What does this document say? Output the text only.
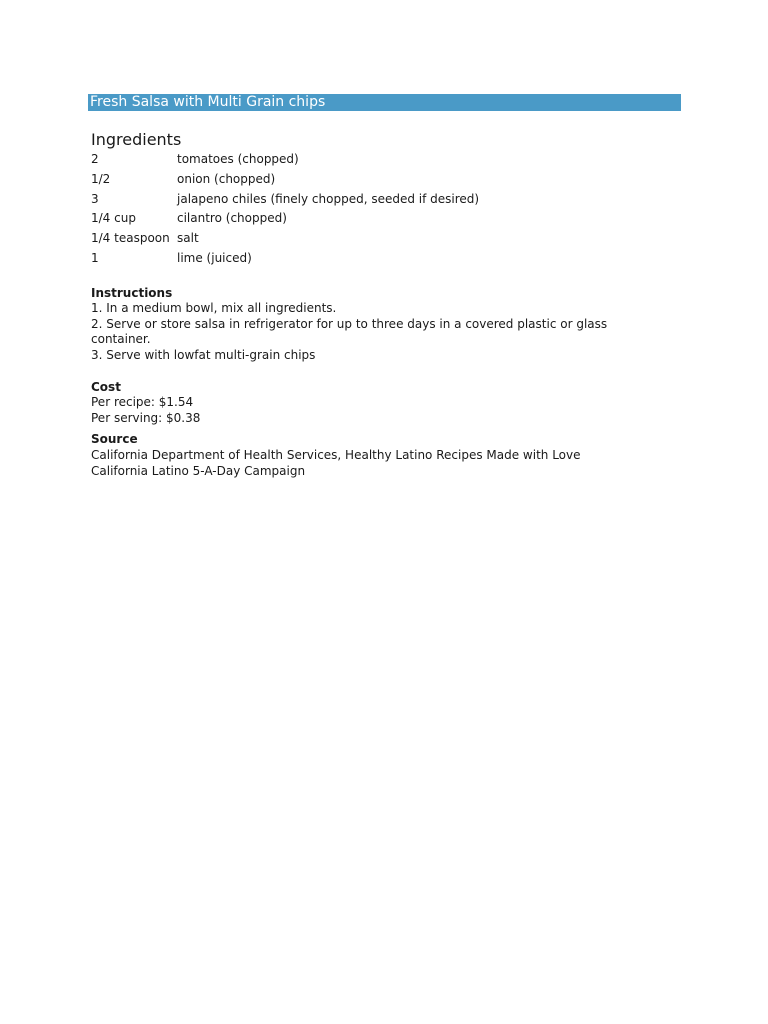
Fresh Salsa with Multi Grain chips
Ingredients
2	tomatoes (chopped)
1/2	onion (chopped)
3	jalapeno chiles (finely chopped, seeded if desired)
1/4 cup	cilantro (chopped)
1/4 teaspoon salt
1	lime (juiced)
Instructions
1. In a medium bowl, mix all ingredients.
2. Serve or store salsa in refrigerator for up to three days in a covered plastic or glass
container.
3. Serve with lowfat multi-grain chips
Cost
Per recipe: $1.54
Per serving: $0.38
Source
California Department of Health Services, Healthy Latino Recipes Made with Love
California Latino 5-A-Day Campaign
